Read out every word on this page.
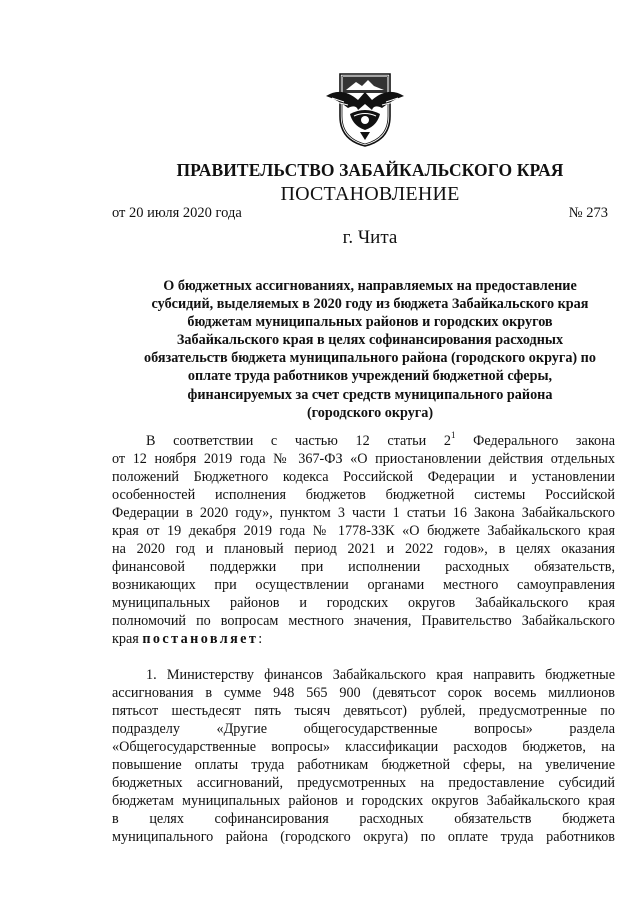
ПРАВИТЕЛЬСТВО ЗАБАЙКАЛЬСКОГО КРАЯ
ПОСТАНОВЛЕНИЕ
от 20 июля 2020 года	№ 273
г. Чита
О бюджетных ассигнованиях, направляемых на предоставление
субсидий, выделяемых в 2020 году из бюджета Забайкальского края
бюджетам муниципальных районов и городских округов
Забайкальского края в целях софинансирования расходных
обязательств бюджета муниципального района (городского округа) по
оплате труда работников учреждений бюджетной сферы,
финансируемых за счет средств муниципального района
(городского округа)
В соответствии с частью 12 статьи $2^1$ Федерального закона
от 12 ноября 2019 года № 367-ФЗ «О приостановлении действия отдельных
положений Бюджетного кодекса Российской Федерации и установлении
особенностей исполнения бюджетов бюджетной системы Российской
Федерации в 2020 году», пунктом 3 части 1 статьи 16 Закона Забайкальского
края от 19 декабря 2019 года № 1778-ЗЗК «О бюджете Забайкальского края
на 2020 год и плановый период 2021 и 2022 годов», в целях оказания
финансовой поддержки при исполнении расходных обязательств,
возникающих при осуществлении органами местного самоуправления
муниципальных районов и городских округов Забайкальского края
полномочий по вопросам местного значения, Правительство Забайкальского
края постановляет:
1. Министерству финансов Забайкальского края направить бюджетные
ассигнования в сумме 948 565 900 (девятьсот сорок восемь миллионов
пятьсот шестьдесят пять тысяч девятьсот) рублей, предусмотренные по
подразделу «Другие общегосударственные вопросы» раздела
«Общегосударственные вопросы» классификации расходов бюджетов, на
повышение оплаты труда работникам бюджетной сферы, на увеличение
бюджетных ассигнований, предусмотренных на предоставление субсидий
бюджетам муниципальных районов и городских округов Забайкальского края
в целях софинансирования расходных обязательств бюджета
муниципального района (городского округа) по оплате труда работников
